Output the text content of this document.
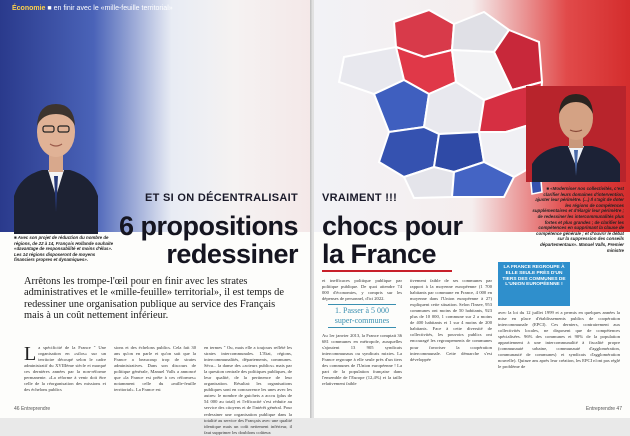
Économie ■ en finir avec le «mille-feuille territorial»
■ Avec son projet de réduction du nombre de régions, de 22 à 14, François Hollande souhaite «davantage de responsabilité et moins d'élus». Les 14 régions disposeront de moyens financiers propres et dynamiques».
ET SI ON DÉCENTRALISAIT
6 propositions
redessiner
Arrêtons les trompe-l'œil pour en finir avec les strates administratives et le «mille-feuille» territorial», il est temps de redessiner une organisation publique au service des Français mais à un coût nettement inférieur.
L a spécificité de la France " Une organisation en «silos» sur un territoire découpé selon le cadre administratif du XVIIIème siècle et marqué ces dernières années par la non-réforme permanente. «La réforme à venir doit être celle de la réorganisation des missions et des échelons publics
sions et des échelons publics. Cela fait 30 ans qu'on en parle et qu'on sait que la France a beaucoup trop de strates administratives. Dans son discours de politique générale, Manuel Valls a annoncé que «la France est prête à ces réformes» notamment celle du «mille-feuille territorial». La France est
en termes " Ou, mais elle a toujours reflété les strates intercommunales. L'Etat, régions, intercommunalités, départements, communes. Sécu... la danse des «acteurs publics» mais par la question centrale des politiques publiques, de leur qualité, de la pertinence de leur organisation. Résultat: les organisations publiques sont en concurrence les unes avec les autres: le nombre de guichets a accru (plus de 54 000 au total) et l'efficacité s'est réduite au service des citoyens et de l'intérêt général. Pour redessiner une organisation publique dans la totalité au service des Français avec une qualité identique mais un coût nettement inférieur, il faut supprimer les doublons coûteux
46 Entreprendre
■ «Moderniser nos collectivités, c'est clarifier leurs domaines d'intervention, ajuster leur périmètre. (...) Il s'agit de doter les régions de compétences supplémentaires et d'élargir leur périmètre ; de redessiner les intercommunalités plus fortes et plus grandes ; de clarifier les compétences en supprimant la clause de compétence générale ; et d'ouvrir le débat sur la suppression des conseils départementaux». Manuel Valls, Premier ministre
VRAIMENT !!!
chocs pour
la France
et inefficaces politique publique par politique publique. De quoi attendre 74 000 d'économies, y compris sur les dépenses de personnel, d'ici 2022.
1. Passer à 5 000
super-communes
Au 1er janvier 2013, la France comptait 36 681 communes en métropole, auxquelles s'ajoutent 13 905 syndicats intercommunaux ou syndicats mixtes. La France regroupe à elle seule près d'un tiers des communes de l'Union européenne ! La part de la population française dans l'ensemble de l'Europe (12,4%) et la taille relativement faible
tivement faible de ses communes par rapport à la moyenne européenne (1 700 habitants par commune en France, 4 000 en moyenne dans l'Union européenne à 27) expliquent cette situation. Selon l'Insee, 953 communes ont moins de 50 habitants, 923 plus de 10 000, 1 commune sur 2 a moins de 400 habitants et 1 sur 4 moins de 200 habitants. Face à cette diversité de collectivités, les pouvoirs publics ont encouragé les regroupements de communes pour favoriser la coopération intercommunale. Cette démarche s'est développée
LA FRANCE REGROUPE À ELLE SEULE PRÈS D'UN TIERS DES COMMUNES DE L'UNION EUROPÉENNE !
avec la loi du 12 juillet 1999 et a permis en quelques années la mise en place d'établissements publics de coopération intercommunale (EPCI). Ces derniers, contrairement aux collectivités locales, ne disposent que de compétences spécialisées. 96% des communes et 90% de la population appartiennent à une intercommunalité à fiscalité propre (communauté urbaine, communauté d'agglomération, communauté de communes) et syndicats d'agglomération nouvelle). Quinze ans après leur création, les EPCI n'ont pas réglé le problème de
Entreprendre 47
